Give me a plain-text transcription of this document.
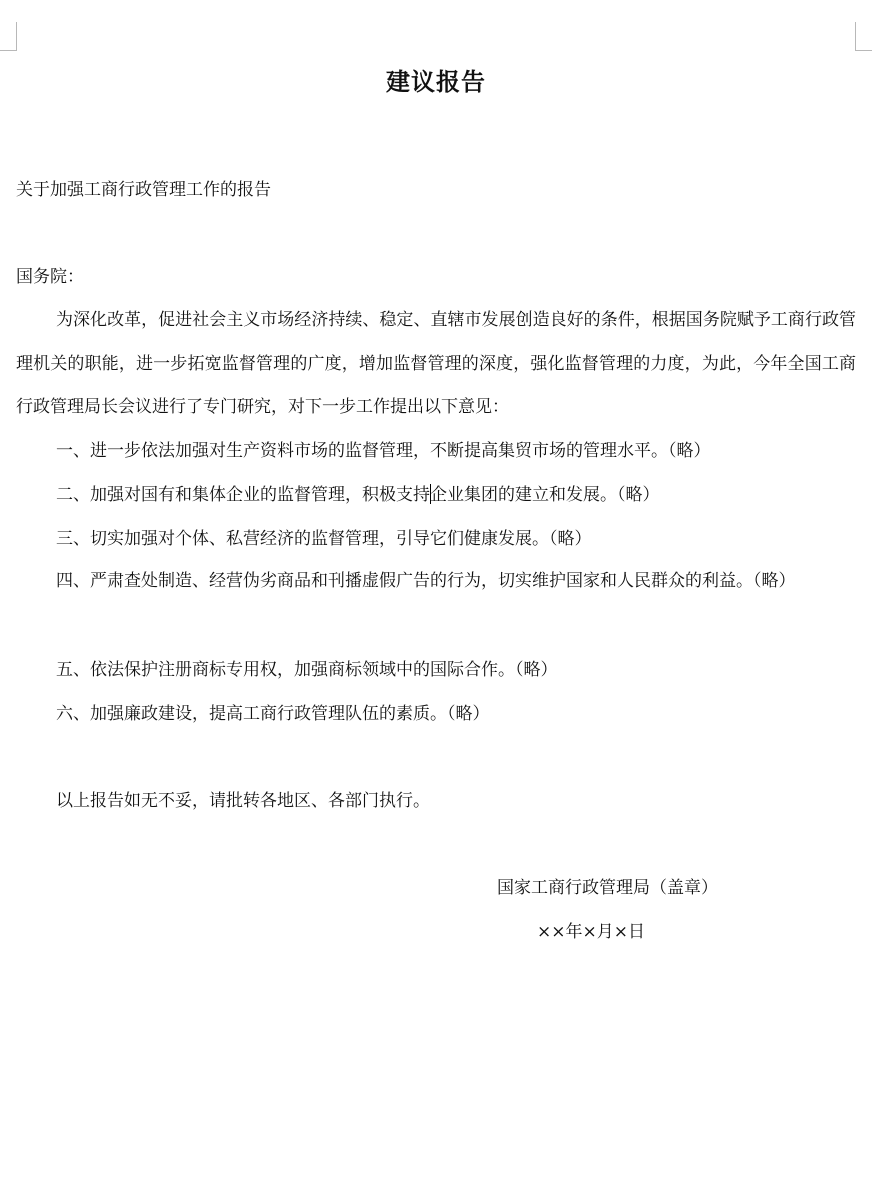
建议报告
关于加强工商行政管理工作的报告
国务院：

为深化改革，促进社会主义市场经济持续、稳定、直辖市发展创造良好的条件，根据国务院赋予工商行政管理机关的职能，进一步拓宽监督管理的广度，增加监督管理的深度，强化监督管理的力度，为此，今年全国工商行政管理局长会议进行了专门研究，对下一步工作提出以下意见：

一、进一步依法加强对生产资料市场的监督管理，不断提高集贸市场的管理水平。（略）
二、加强对国有和集体企业的监督管理，积极支持企业集团的建立和发展。（略）
三、切实加强对个体、私营经济的监督管理，引导它们健康发展。（略）
四、严肃查处制造、经营伪劣商品和刊播虚假广告的行为，切实维护国家和人民群众的利益。（略）
五、依法保护注册商标专用权，加强商标领域中的国际合作。（略）
六、加强廉政建设，提高工商行政管理队伍的素质。（略）
以上报告如无不妥，请批转各地区、各部门执行。
国家工商行政管理局（盖章）
××年×月×日
